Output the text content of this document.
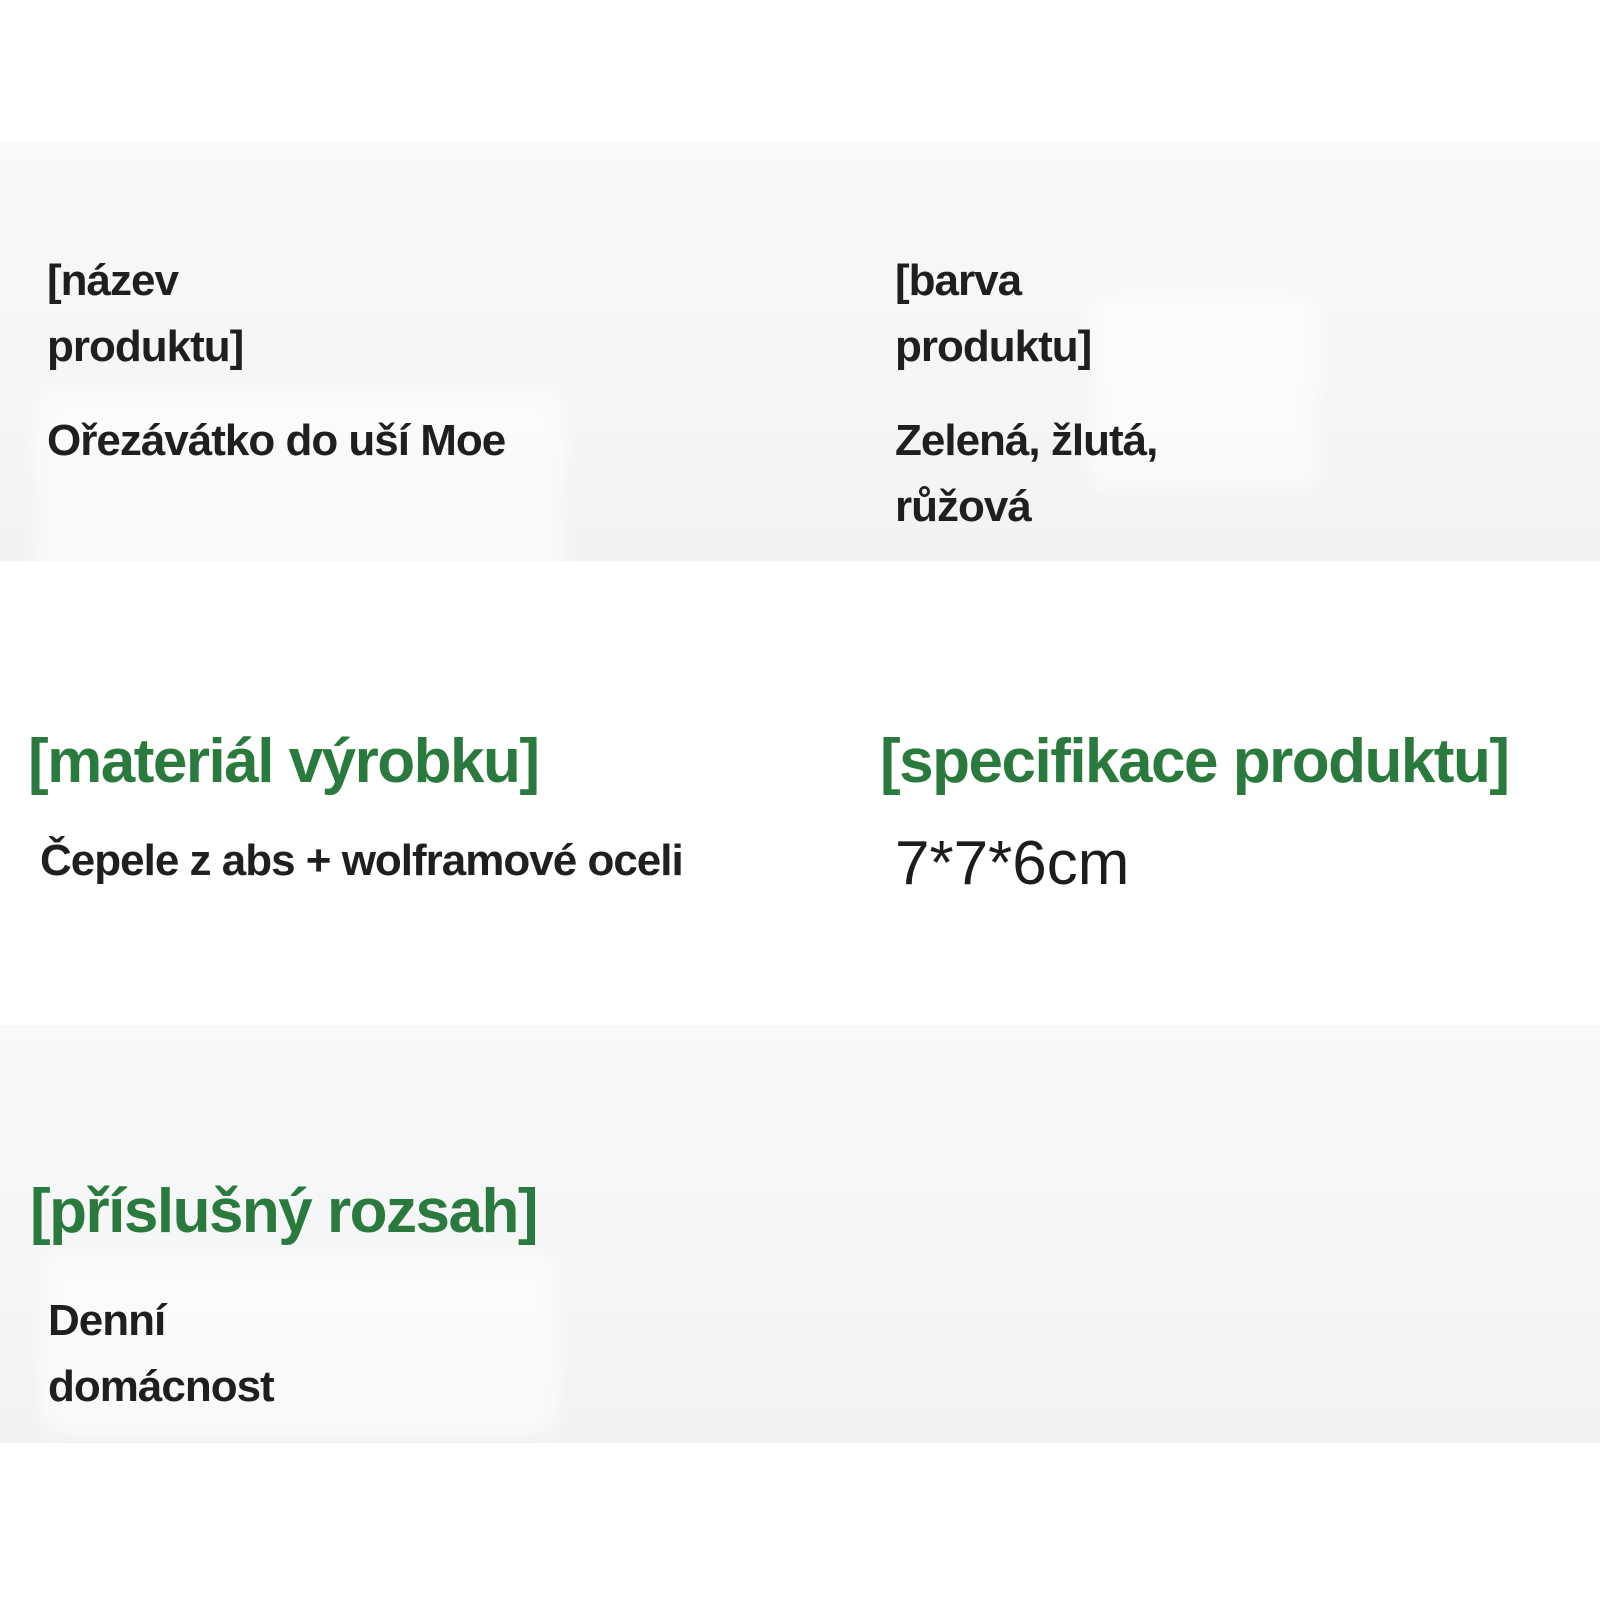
[název produktu]

Ořezávátko do uší Moe

[barva produktu]

Zelená, žlutá, růžová

[materiál výrobku]

Čepele z abs + wolframové oceli

[specifikace produktu]

7*7*6cm

[příslušný rozsah]

Denní domácnost
